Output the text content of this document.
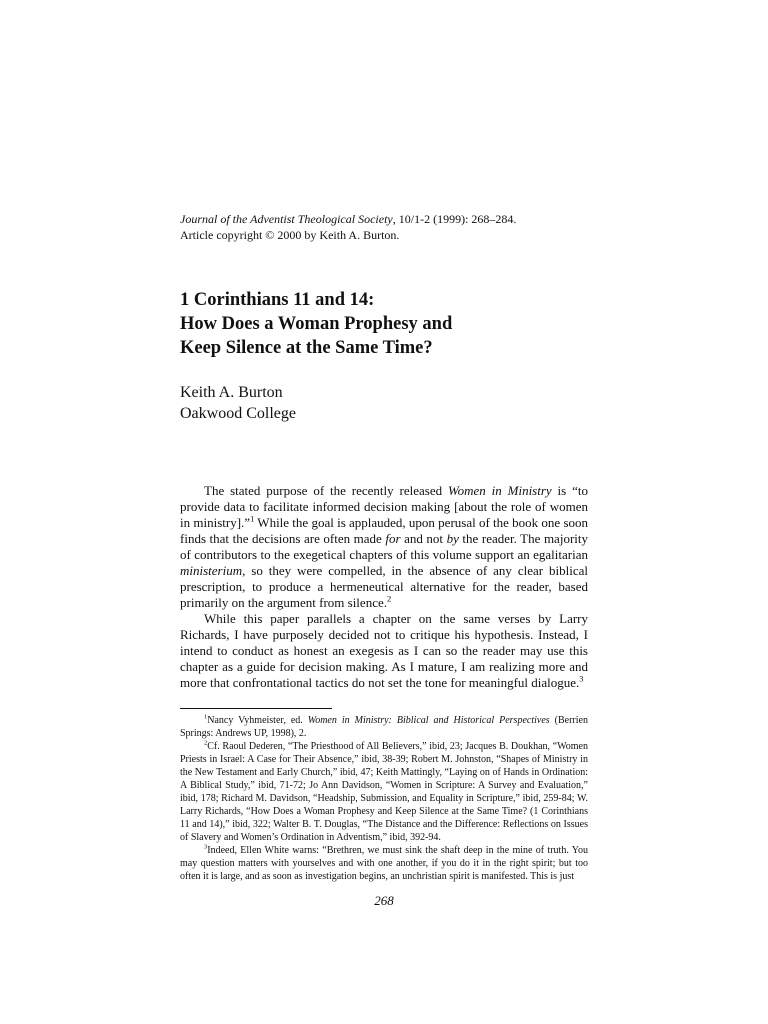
Journal of the Adventist Theological Society, 10/1-2 (1999): 268–284.
Article copyright © 2000 by Keith A. Burton.
1 Corinthians 11 and 14:
How Does a Woman Prophesy and
Keep Silence at the Same Time?
Keith A. Burton
Oakwood College

The stated purpose of the recently released Women in Ministry is “to provide data to facilitate informed decision making [about the role of women in ministry].”$^1$ While the goal is applauded, upon perusal of the book one soon finds that the decisions are often made for and not by the reader. The majority of contributors to the exegetical chapters of this volume support an egalitarian ministerium, so they were compelled, in the absence of any clear biblical prescription, to produce a hermeneutical alternative for the reader, based primarily on the argument from silence.$^2$

While this paper parallels a chapter on the same verses by Larry Richards, I have purposely decided not to critique his hypothesis. Instead, I intend to conduct as honest an exegesis as I can so the reader may use this chapter as a guide for decision making. As I mature, I am realizing more and more that confrontational tactics do not set the tone for meaningful dialogue.$^3$

$^1$Nancy Vyhmeister, ed. Women in Ministry: Biblical and Historical Perspectives (Berrien Springs: Andrews UP, 1998), 2.

$^2$Cf. Raoul Dederen, “The Priesthood of All Believers,” ibid, 23; Jacques B. Doukhan, “Women Priests in Israel: A Case for Their Absence,” ibid, 38-39; Robert M. Johnston, “Shapes of Ministry in the New Testament and Early Church,” ibid, 47; Keith Mattingly, “Laying on of Hands in Ordination: A Biblical Study,” ibid, 71-72; Jo Ann Davidson, “Women in Scripture: A Survey and Evaluation,” ibid, 178; Richard M. Davidson, “Headship, Submission, and Equality in Scripture,” ibid, 259-84; W. Larry Richards, “How Does a Woman Prophesy and Keep Silence at the Same Time? (1 Corinthians 11 and 14),” ibid, 322; Walter B. T. Douglas, “The Distance and the Difference: Reflections on Issues of Slavery and Women’s Ordination in Adventism,” ibid, 392-94.

$^3$Indeed, Ellen White warns: “Brethren, we must sink the shaft deep in the mine of truth. You may question matters with yourselves and with one another, if you do it in the right spirit; but too often it is large, and as soon as investigation begins, an unchristian spirit is manifested. This is just

268
